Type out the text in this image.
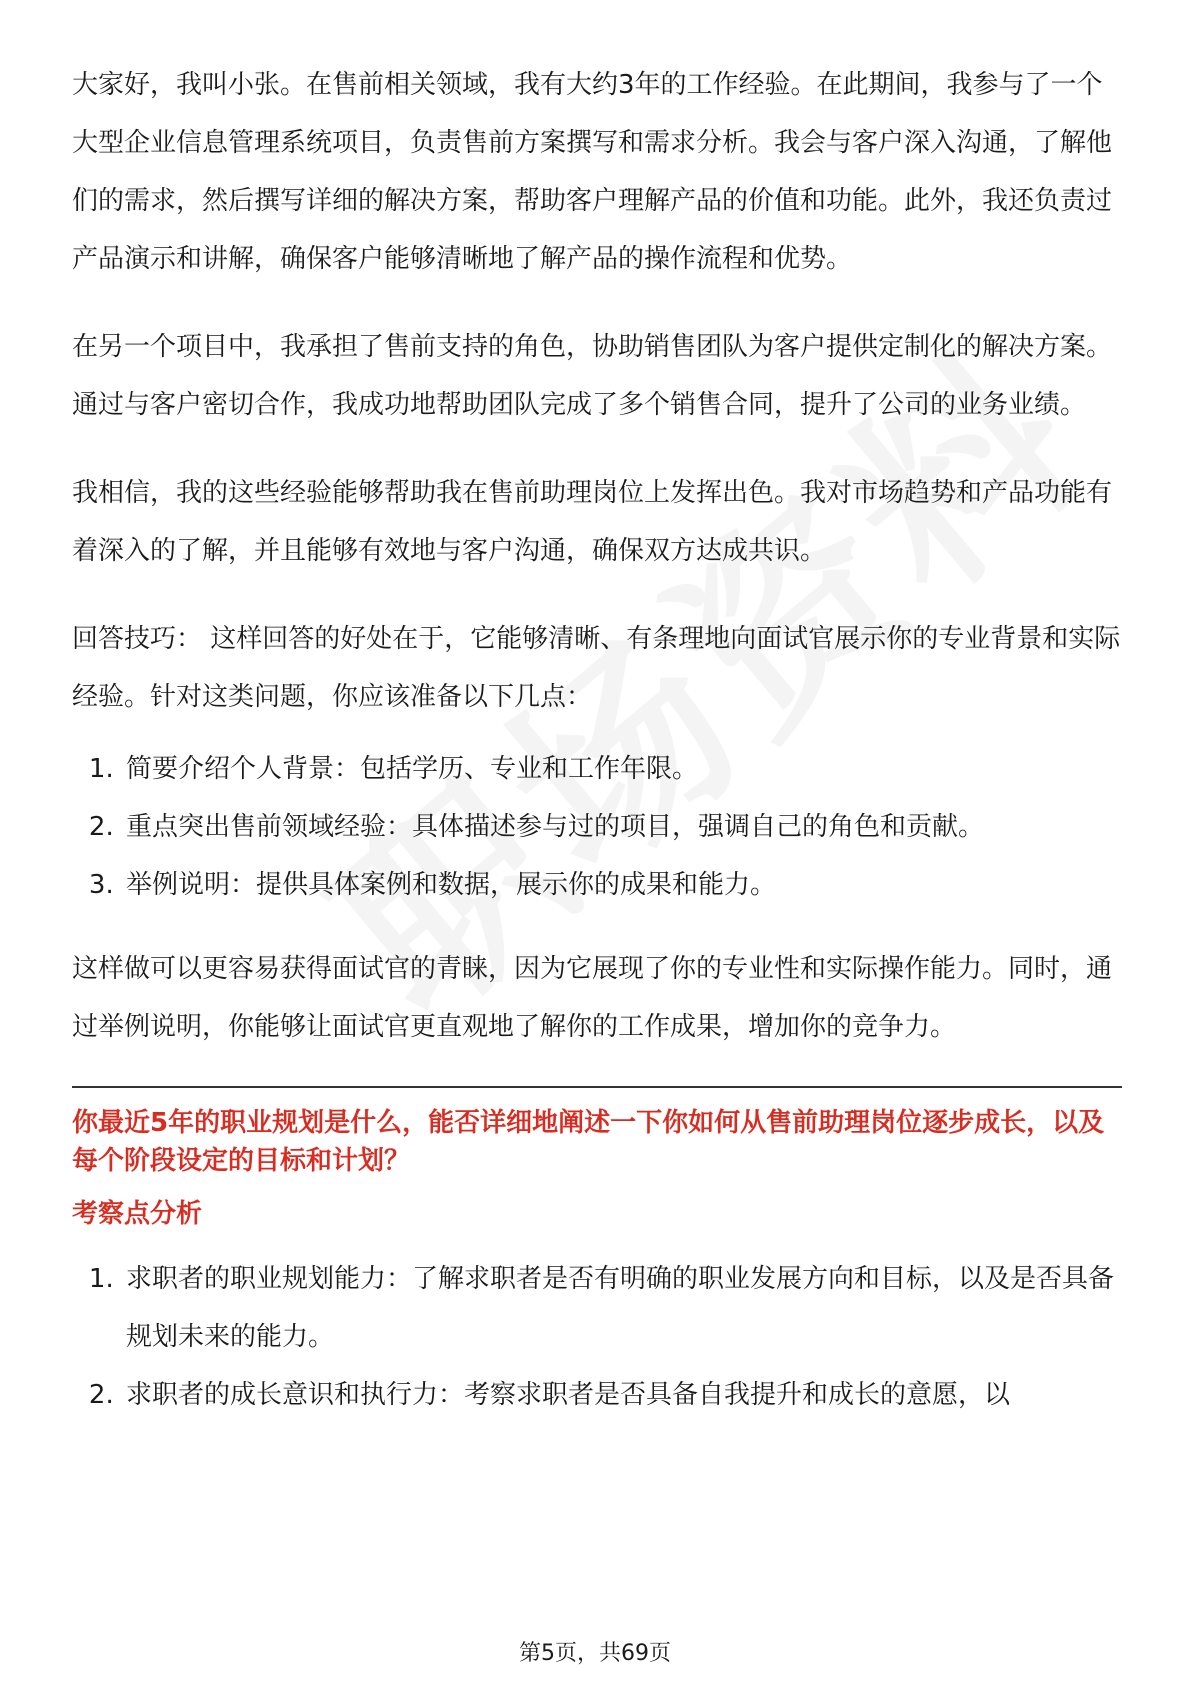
大家好，我叫小张。在售前相关领域，我有大约3年的工作经验。在此期间，我参与了一个大型企业信息管理系统项目，负责售前方案撰写和需求分析。我会与客户深入沟通，了解他们的需求，然后撰写详细的解决方案，帮助客户理解产品的价值和功能。此外，我还负责过产品演示和讲解，确保客户能够清晰地了解产品的操作流程和优势。

在另一个项目中，我承担了售前支持的角色，协助销售团队为客户提供定制化的解决方案。通过与客户密切合作，我成功地帮助团队完成了多个销售合同，提升了公司的业务业绩。

我相信，我的这些经验能够帮助我在售前助理岗位上发挥出色。我对市场趋势和产品功能有着深入的了解，并且能够有效地与客户沟通，确保双方达成共识。

回答技巧： 这样回答的好处在于，它能够清晰、有条理地向面试官展示你的专业背景和实际经验。针对这类问题，你应该准备以下几点：

1. 简要介绍个人背景：包括学历、专业和工作年限。
2. 重点突出售前领域经验：具体描述参与过的项目，强调自己的角色和贡献。
3. 举例说明：提供具体案例和数据，展示你的成果和能力。

这样做可以更容易获得面试官的青睐，因为它展现了你的专业性和实际操作能力。同时，通过举例说明，你能够让面试官更直观地了解你的工作成果，增加你的竞争力。

你最近5年的职业规划是什么，能否详细地阐述一下你如何从售前助理岗位逐步成长，以及每个阶段设定的目标和计划？
考察点分析
1. 求职者的职业规划能力：了解求职者是否有明确的职业发展方向和目标，以及是否具备规划未来的能力。
2. 求职者的成长意识和执行力：考察求职者是否具备自我提升和成长的意愿，以
第5页，共69页
